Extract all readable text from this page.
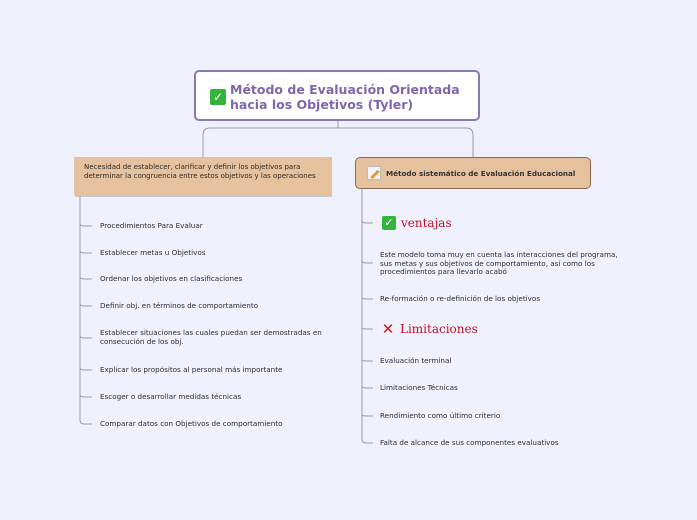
✓ Método de Evaluación Orientada hacia los Objetivos (Tyler)
Necesidad de establecer, clarificar y definir los objetivos para determinar la congruencia entre estos objetivos y las operaciones	Método sistemático de Evaluación Educacional
Procedimientos Para Evaluar
Establecer metas u Objetivos
Ordenar los objetivos en clasificaciones
Definir obj. en términos de comportamiento
Establecer situaciones las cuales puedan ser demostradas en consecución de los obj.
Explicar los propósitos al personal más importante
Escoger o desarrollar medidas técnicas
Comparar datos con Objetivos de comportamiento
✓ ventajas
Este modelo toma muy en cuenta las interacciones del programa, sus metas y sus objetivos de comportamiento, así como los procedimientos para llevarlo acabó
Re-formación o re-definición de los objetivos
✕ Limitaciones
Evaluación terminal
Limitaciones Técnicas
Rendimiento como último criterio
Falta de alcance de sus componentes evaluativos
